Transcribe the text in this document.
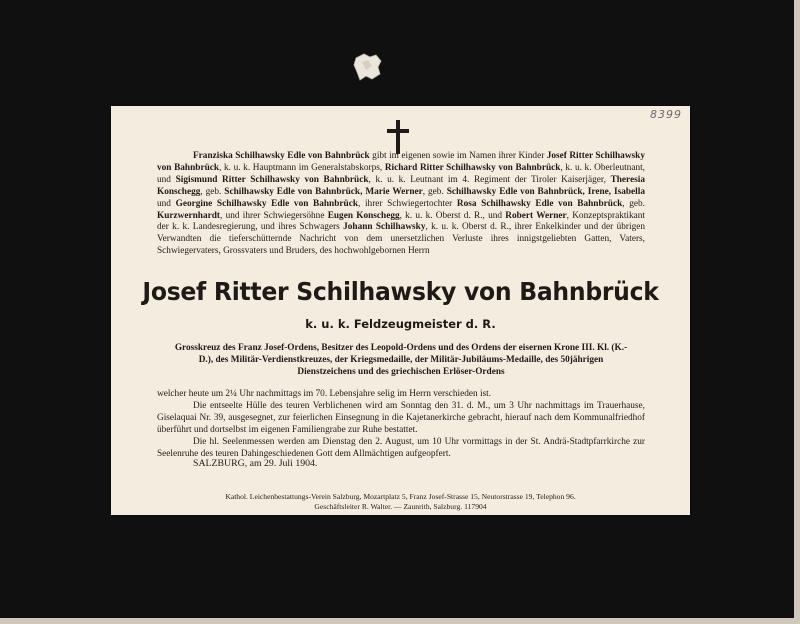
8399
Franziska Schilhawsky Edle von Bahnbrück gibt im eigenen sowie im Namen ihrer Kinder Josef Ritter Schilhawsky von Bahnbrück, k. u. k. Hauptmann im Generalstabskorps, Richard Ritter Schilhawsky von Bahnbrück, k. u. k. Oberleutnant, und Sigismund Ritter Schilhawsky von Bahnbrück, k. u. k. Leutnant im 4. Regiment der Tiroler Kaiserjäger, Theresia Konschegg, geb. Schilhawsky Edle von Bahnbrück, Marie Werner, geb. Schilhawsky Edle von Bahnbrück, Irene, Isabella und Georgine Schilhawsky Edle von Bahnbrück, ihrer Schwiegertochter Rosa Schilhawsky Edle von Bahnbrück, geb. Kurzwernhardt, und ihrer Schwiegersöhne Eugen Konschegg, k. u. k. Oberst d. R., und Robert Werner, Konzeptspraktikant der k. k. Landesregierung, und ihres Schwagers Johann Schilhawsky, k. u. k. Oberst d. R., ihrer Enkelkinder und der übrigen Verwandten die tieferschütternde Nachricht von dem unersetzlichen Verluste ihres innigstgeliebten Gatten, Vaters, Schwiegervaters, Grossvaters und Bruders, des hochwohlgebornen Herrn
Josef Ritter Schilhawsky von Bahnbrück
k. u. k. Feldzeugmeister d. R.
Grosskreuz des Franz Josef-Ordens, Besitzer des Leopold-Ordens und des Ordens der eisernen Krone III. Kl. (K.-D.), des Militär-Verdienstkreuzes, der Kriegsmedaille, der Militär-Jubiläums-Medaille, des 50jährigen Dienstzeichens und des griechischen Erlöser-Ordens

welcher heute um 2¼ Uhr nachmittags im 70. Lebensjahre selig im Herrn verschieden ist.

Die entseelte Hülle des teuren Verblichenen wird am Sonntag den 31. d. M., um 3 Uhr nachmittags im Trauerhause, Giselaquai Nr. 39, ausgesegnet, zur feierlichen Einsegnung in die Kajetanerkirche gebracht, hierauf nach dem Kommunalfriedhof überführt und dortselbst im eigenen Familiengrabe zur Ruhe bestattet.

Die hl. Seelenmessen werden am Dienstag den 2. August, um 10 Uhr vormittags in der St. Andrä-Stadtpfarrkirche zur Seelenruhe des teuren Dahingeschiedenen Gott dem Allmächtigen aufgeopfert.

SALZBURG, am 29. Juli 1904.
Kathol. Leichenbestattungs-Verein Salzburg, Mozartplatz 5, Franz Josef-Strasse 15, Neutorstrasse 19, Telephon 96.
Geschäftsleiter R. Walter. — Zaunrith, Salzburg. 117904
